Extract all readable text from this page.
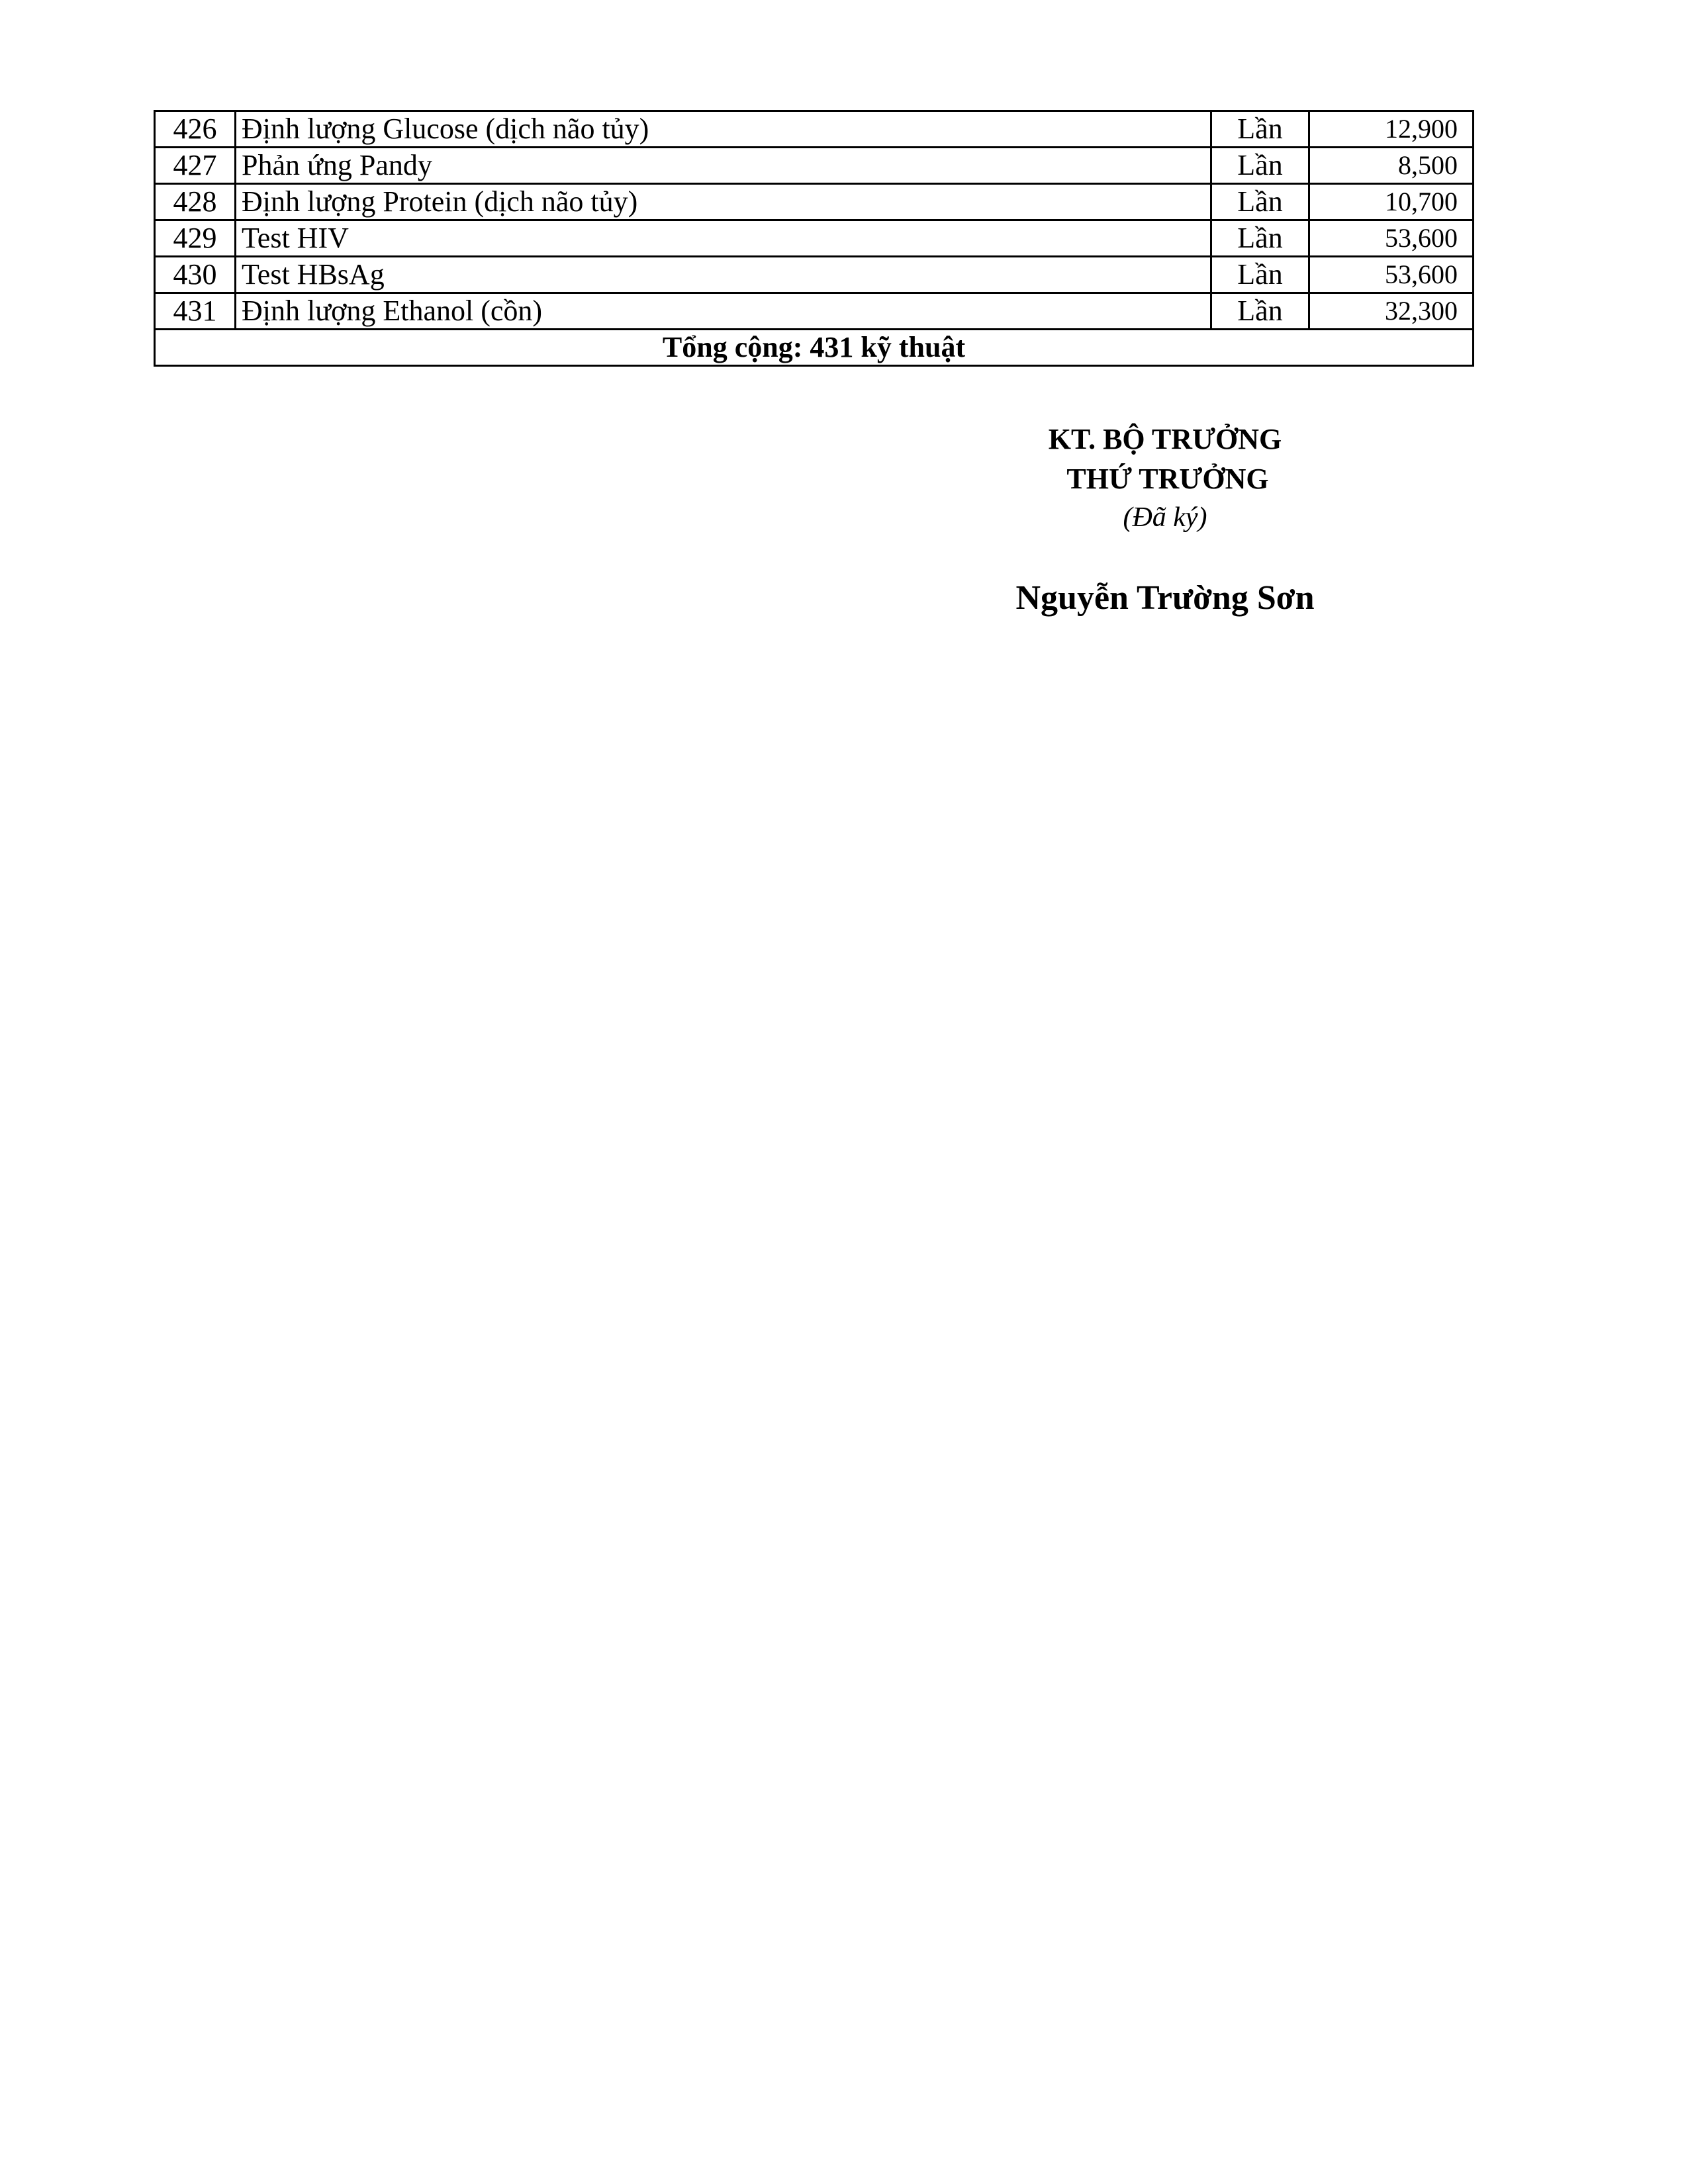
426	Định lượng Glucose (dịch não tủy)	Lần	12,900
427	Phản ứng Pandy	Lần	8,500
428	Định lượng Protein (dịch não tủy)	Lần	10,700
429	Test HIV	Lần	53,600
430	Test HBsAg	Lần	53,600
431	Định lượng Ethanol (cồn)	Lần	32,300
Tổng cộng: 431 kỹ thuật			

KT. BỘ TRƯỞNG

THỨ TRƯỞNG

(Đã ký)

Nguyễn Trường Sơn
